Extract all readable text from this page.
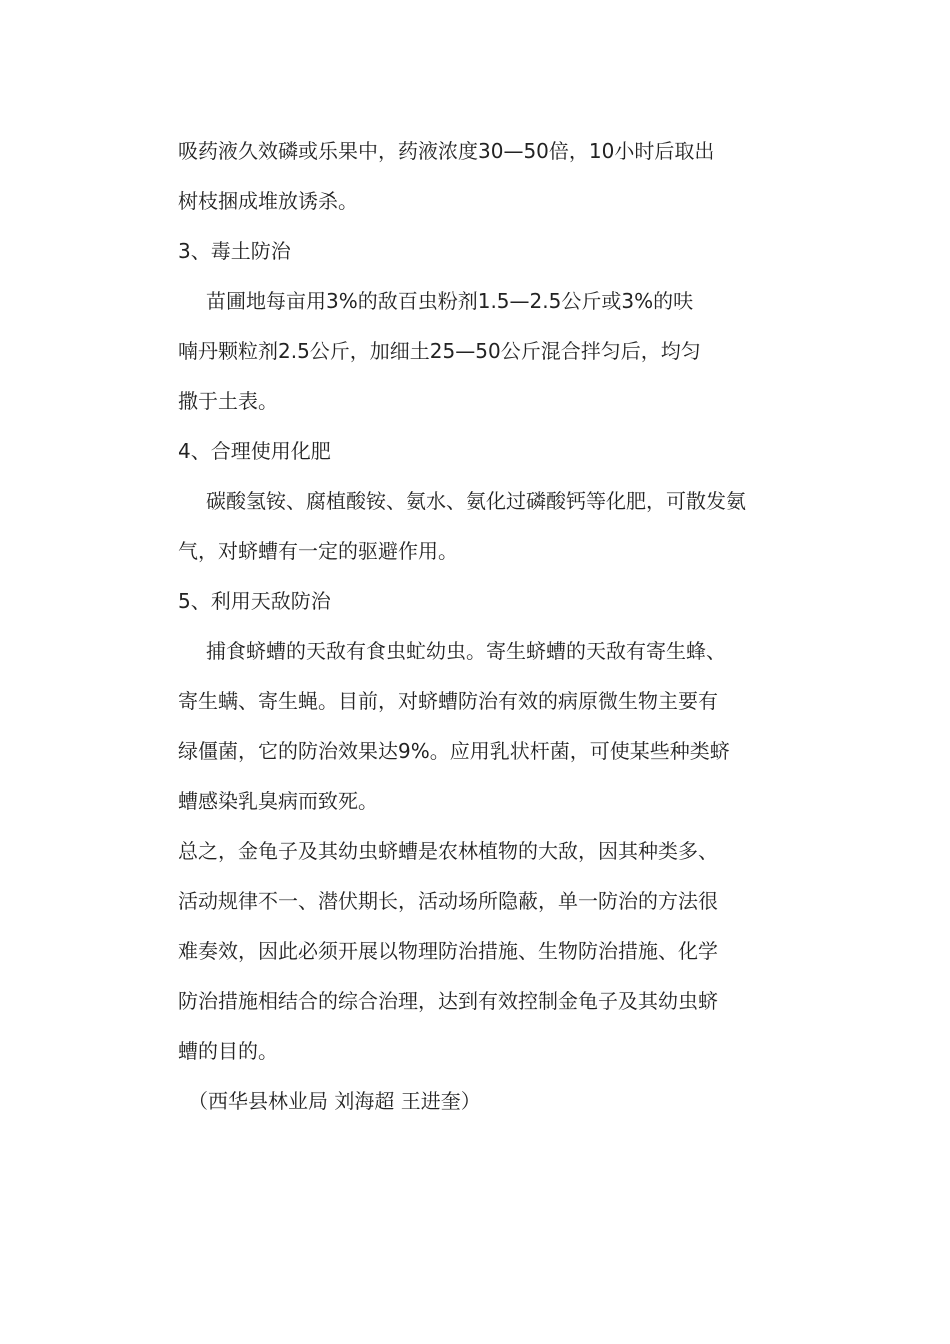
吸药液久效磷或乐果中，药液浓度30—50倍，10小时后取出
树枝捆成堆放诱杀。
3、毒土防治
苗圃地每亩用3%的敌百虫粉剂1.5—2.5公斤或3%的呋
喃丹颗粒剂2.5公斤，加细土25—50公斤混合拌匀后，均匀
撒于土表。
4、合理使用化肥
碳酸氢铵、腐植酸铵、氨水、氨化过磷酸钙等化肥，可散发氨
气，对蛴螬有一定的驱避作用。
5、利用天敌防治
捕食蛴螬的天敌有食虫虻幼虫。寄生蛴螬的天敌有寄生蜂、
寄生螨、寄生蝇。目前，对蛴螬防治有效的病原微生物主要有
绿僵菌，它的防治效果达9%。应用乳状杆菌，可使某些种类蛴
螬感染乳臭病而致死。
总之，金龟子及其幼虫蛴螬是农林植物的大敌，因其种类多、
活动规律不一、潜伏期长，活动场所隐蔽，单一防治的方法很
难奏效，因此必须开展以物理防治措施、生物防治措施、化学
防治措施相结合的综合治理，达到有效控制金龟子及其幼虫蛴
螬的目的。
（西华县林业局 刘海超 王进奎）
